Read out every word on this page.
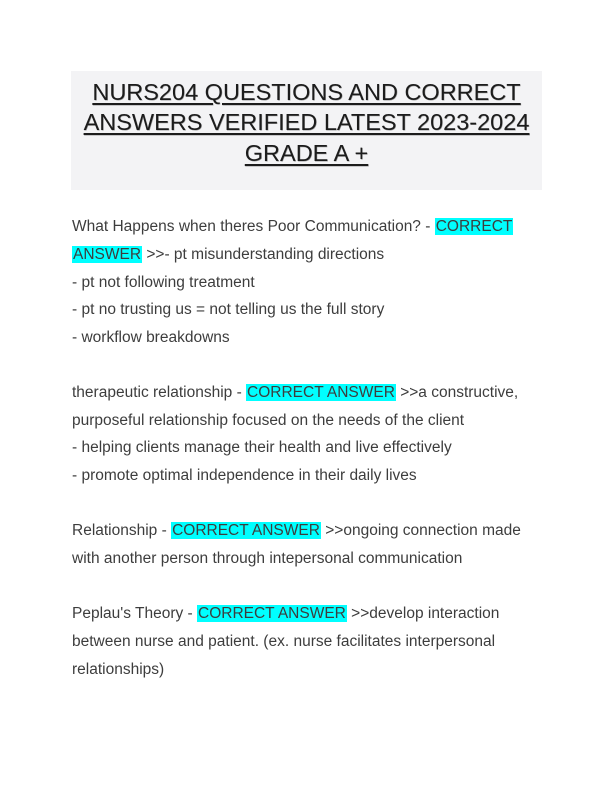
NURS204 QUESTIONS AND CORRECT
ANSWERS VERIFIED LATEST 2023-2024
GRADE A +
What Happens when theres Poor Communication? - CORRECT
ANSWER >>- pt misunderstanding directions
- pt not following treatment
- pt no trusting us = not telling us the full story
- workflow breakdowns
therapeutic relationship - CORRECT ANSWER >>a constructive,
purposeful relationship focused on the needs of the client
- helping clients manage their health and live effectively
- promote optimal independence in their daily lives
Relationship - CORRECT ANSWER >>ongoing connection made
with another person through intepersonal communication
Peplau's Theory - CORRECT ANSWER >>develop interaction
between nurse and patient. (ex. nurse facilitates interpersonal
relationships)
